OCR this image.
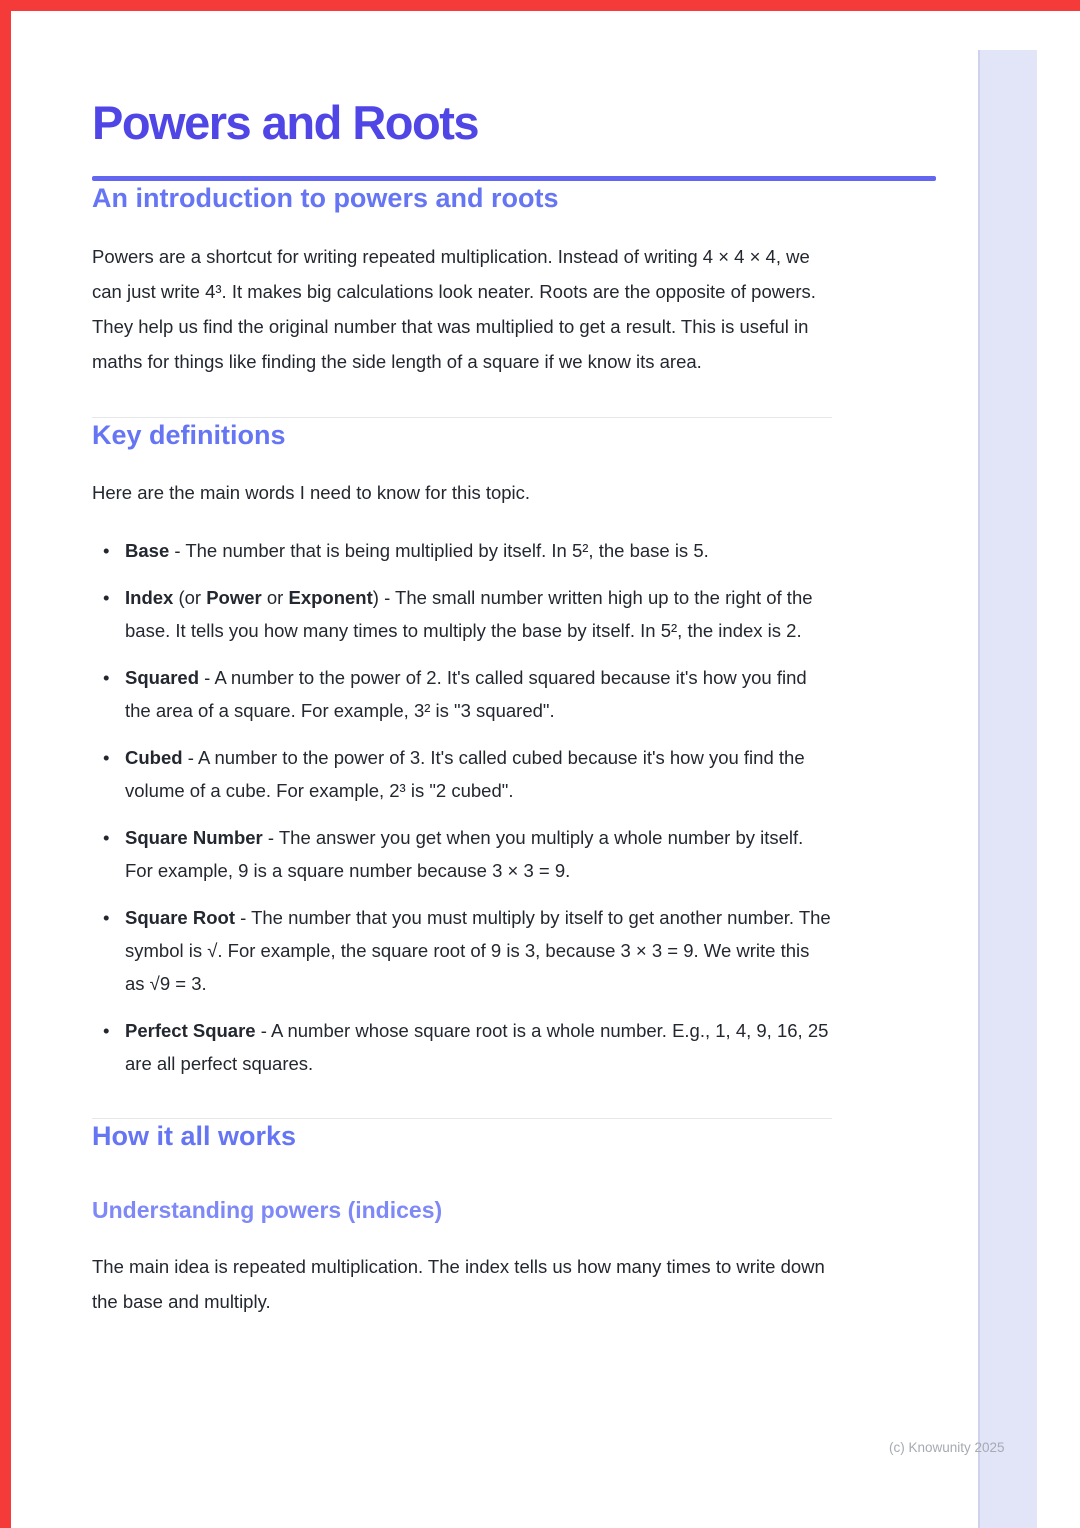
Powers and Roots
An introduction to powers and roots

Powers are a shortcut for writing repeated multiplication. Instead of writing 4 × 4 × 4, we can just write 4³. It makes big calculations look neater. Roots are the opposite of powers. They help us find the original number that was multiplied to get a result. This is useful in maths for things like finding the side length of a square if we know its area.

Key definitions

Here are the main words I need to know for this topic.

• Base - The number that is being multiplied by itself. In 5², the base is 5.
• Index (or Power or Exponent) - The small number written high up to the right of the base. It tells you how many times to multiply the base by itself. In 5², the index is 2.
• Squared - A number to the power of 2. It's called squared because it's how you find the area of a square. For example, 3² is "3 squared".
• Cubed - A number to the power of 3. It's called cubed because it's how you find the volume of a cube. For example, 2³ is "2 cubed".
• Square Number - The answer you get when you multiply a whole number by itself. For example, 9 is a square number because 3 × 3 = 9.
• Square Root - The number that you must multiply by itself to get another number. The symbol is √. For example, the square root of 9 is 3, because 3 × 3 = 9. We write this as √9 = 3.
• Perfect Square - A number whose square root is a whole number. E.g., 1, 4, 9, 16, 25 are all perfect squares.
How it all works
Understanding powers (indices)

The main idea is repeated multiplication. The index tells us how many times to write down the base and multiply.

(c) Knowunity 2025
